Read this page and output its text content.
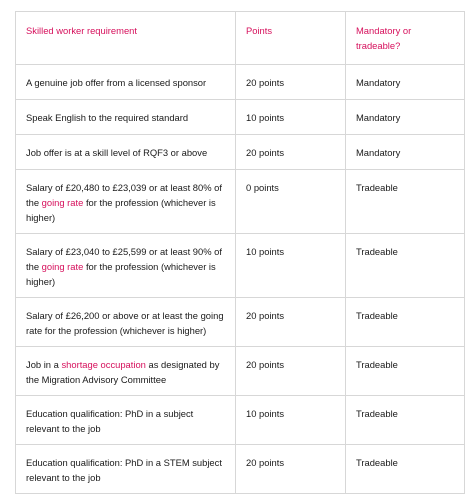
Skilled worker requirement	Points	Mandatory or tradeable?
A genuine job offer from a licensed sponsor	20 points	Mandatory
Speak English to the required standard	10 points	Mandatory
Job offer is at a skill level of RQF3 or above	20 points	Mandatory
Salary of £20,480 to £23,039 or at least 80% of the going rate for the profession (whichever is higher)	0 points	Tradeable
Salary of £23,040 to £25,599 or at least 90% of the going rate for the profession (whichever is higher)	10 points	Tradeable
Salary of £26,200 or above or at least the going rate for the profession (whichever is higher)	20 points	Tradeable
Job in a shortage occupation as designated by the Migration Advisory Committee	20 points	Tradeable
Education qualification: PhD in a subject relevant to the job	10 points	Tradeable
Education qualification: PhD in a STEM subject relevant to the job	20 points	Tradeable
